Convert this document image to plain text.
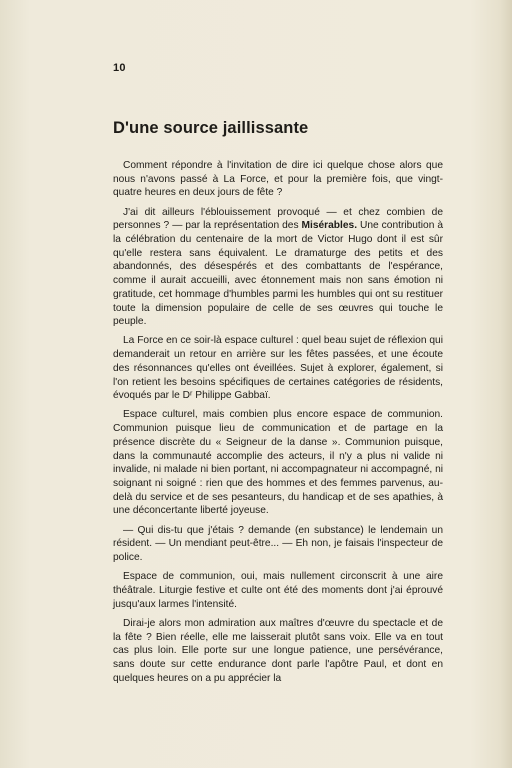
10
D'une source jaillissante

Comment répondre à l'invitation de dire ici quelque chose alors que nous n'avons passé à La Force, et pour la première fois, que vingt-quatre heures en deux jours de fête ?

J'ai dit ailleurs l'éblouissement provoqué — et chez combien de personnes ? — par la représentation des Misérables. Une contribution à la célébration du centenaire de la mort de Victor Hugo dont il est sûr qu'elle restera sans équivalent. Le dramaturge des petits et des abandonnés, des désespérés et des combattants de l'espérance, comme il aurait accueilli, avec étonnement mais non sans émotion ni gratitude, cet hommage d'humbles parmi les humbles qui ont su restituer toute la dimension populaire de celle de ses œuvres qui touche le peuple.

La Force en ce soir-là espace culturel : quel beau sujet de réflexion qui demanderait un retour en arrière sur les fêtes passées, et une écoute des résonnances qu'elles ont éveillées. Sujet à explorer, également, si l'on retient les besoins spécifiques de certaines catégories de résidents, évoqués par le Dʳ Philippe Gabbaï.

Espace culturel, mais combien plus encore espace de communion. Communion puisque lieu de communication et de partage en la présence discrète du « Seigneur de la danse ». Communion puisque, dans la communauté accomplie des acteurs, il n'y a plus ni valide ni invalide, ni malade ni bien portant, ni accompagnateur ni accompagné, ni soignant ni soigné : rien que des hommes et des femmes parvenus, au-delà du service et de ses pesanteurs, du handicap et de ses apathies, à une déconcertante liberté joyeuse.

— Qui dis-tu que j'étais ? demande (en substance) le lendemain un résident. — Un mendiant peut-être... — Eh non, je faisais l'inspecteur de police.

Espace de communion, oui, mais nullement circonscrit à une aire théâtrale. Liturgie festive et culte ont été des moments dont j'ai éprouvé jusqu'aux larmes l'intensité.

Dirai-je alors mon admiration aux maîtres d'œuvre du spectacle et de la fête ? Bien réelle, elle me laisserait plutôt sans voix. Elle va en tout cas plus loin. Elle porte sur une longue patience, une persévérance, sans doute sur cette endurance dont parle l'apôtre Paul, et dont en quelques heures on a pu apprécier la
